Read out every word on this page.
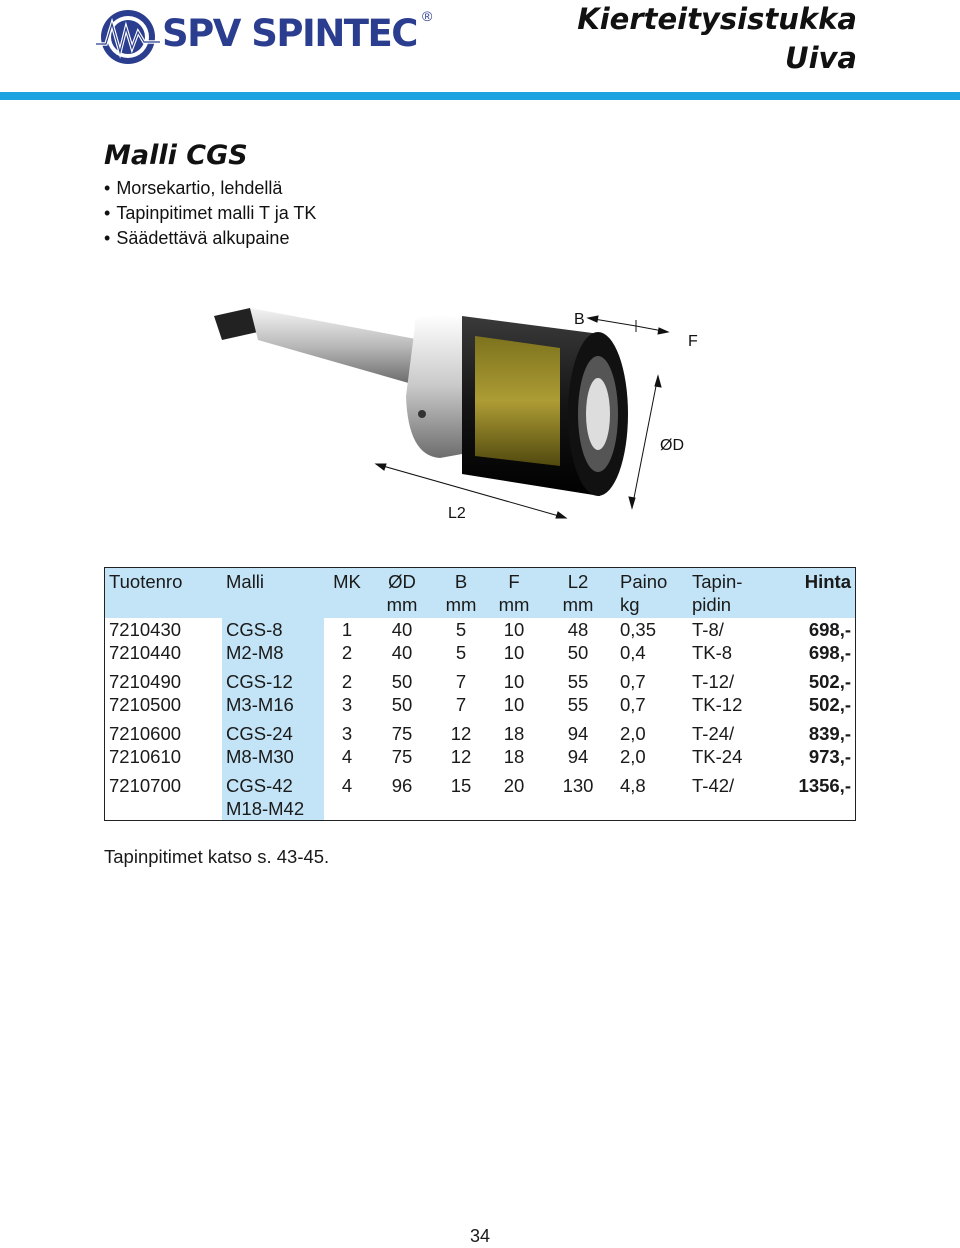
SPV SPINTEC ®	Kierteitysistukka
Uiva
Malli CGS
• Morsekartio, lehdellä
• Tapinpitimet malli T ja TK
• Säädettävä alkupaine
B
F
ØD
L2
Tuotenro	Malli	MK	ØD	B	F	L2	Paino	Tapin-	Hinta
			mm	mm	mm	mm	kg	pidin	
7210430	CGS-8	1	40	5	10	48	0,35	T-8/	698,-
7210440	M2-M8	2	40	5	10	50	0,4	TK-8	698,-

7210490	CGS-12	2	50	7	10	55	0,7	T-12/	502,-
7210500	M3-M16	3	50	7	10	55	0,7	TK-12	502,-

7210600	CGS-24	3	75	12	18	94	2,0	T-24/	839,-
7210610	M8-M30	4	75	12	18	94	2,0	TK-24	973,-

7210700	CGS-42	4	96	15	20	130	4,8	T-42/	1356,-
	M18-M42								
Tapinpitimet katso s. 43-45.
34
